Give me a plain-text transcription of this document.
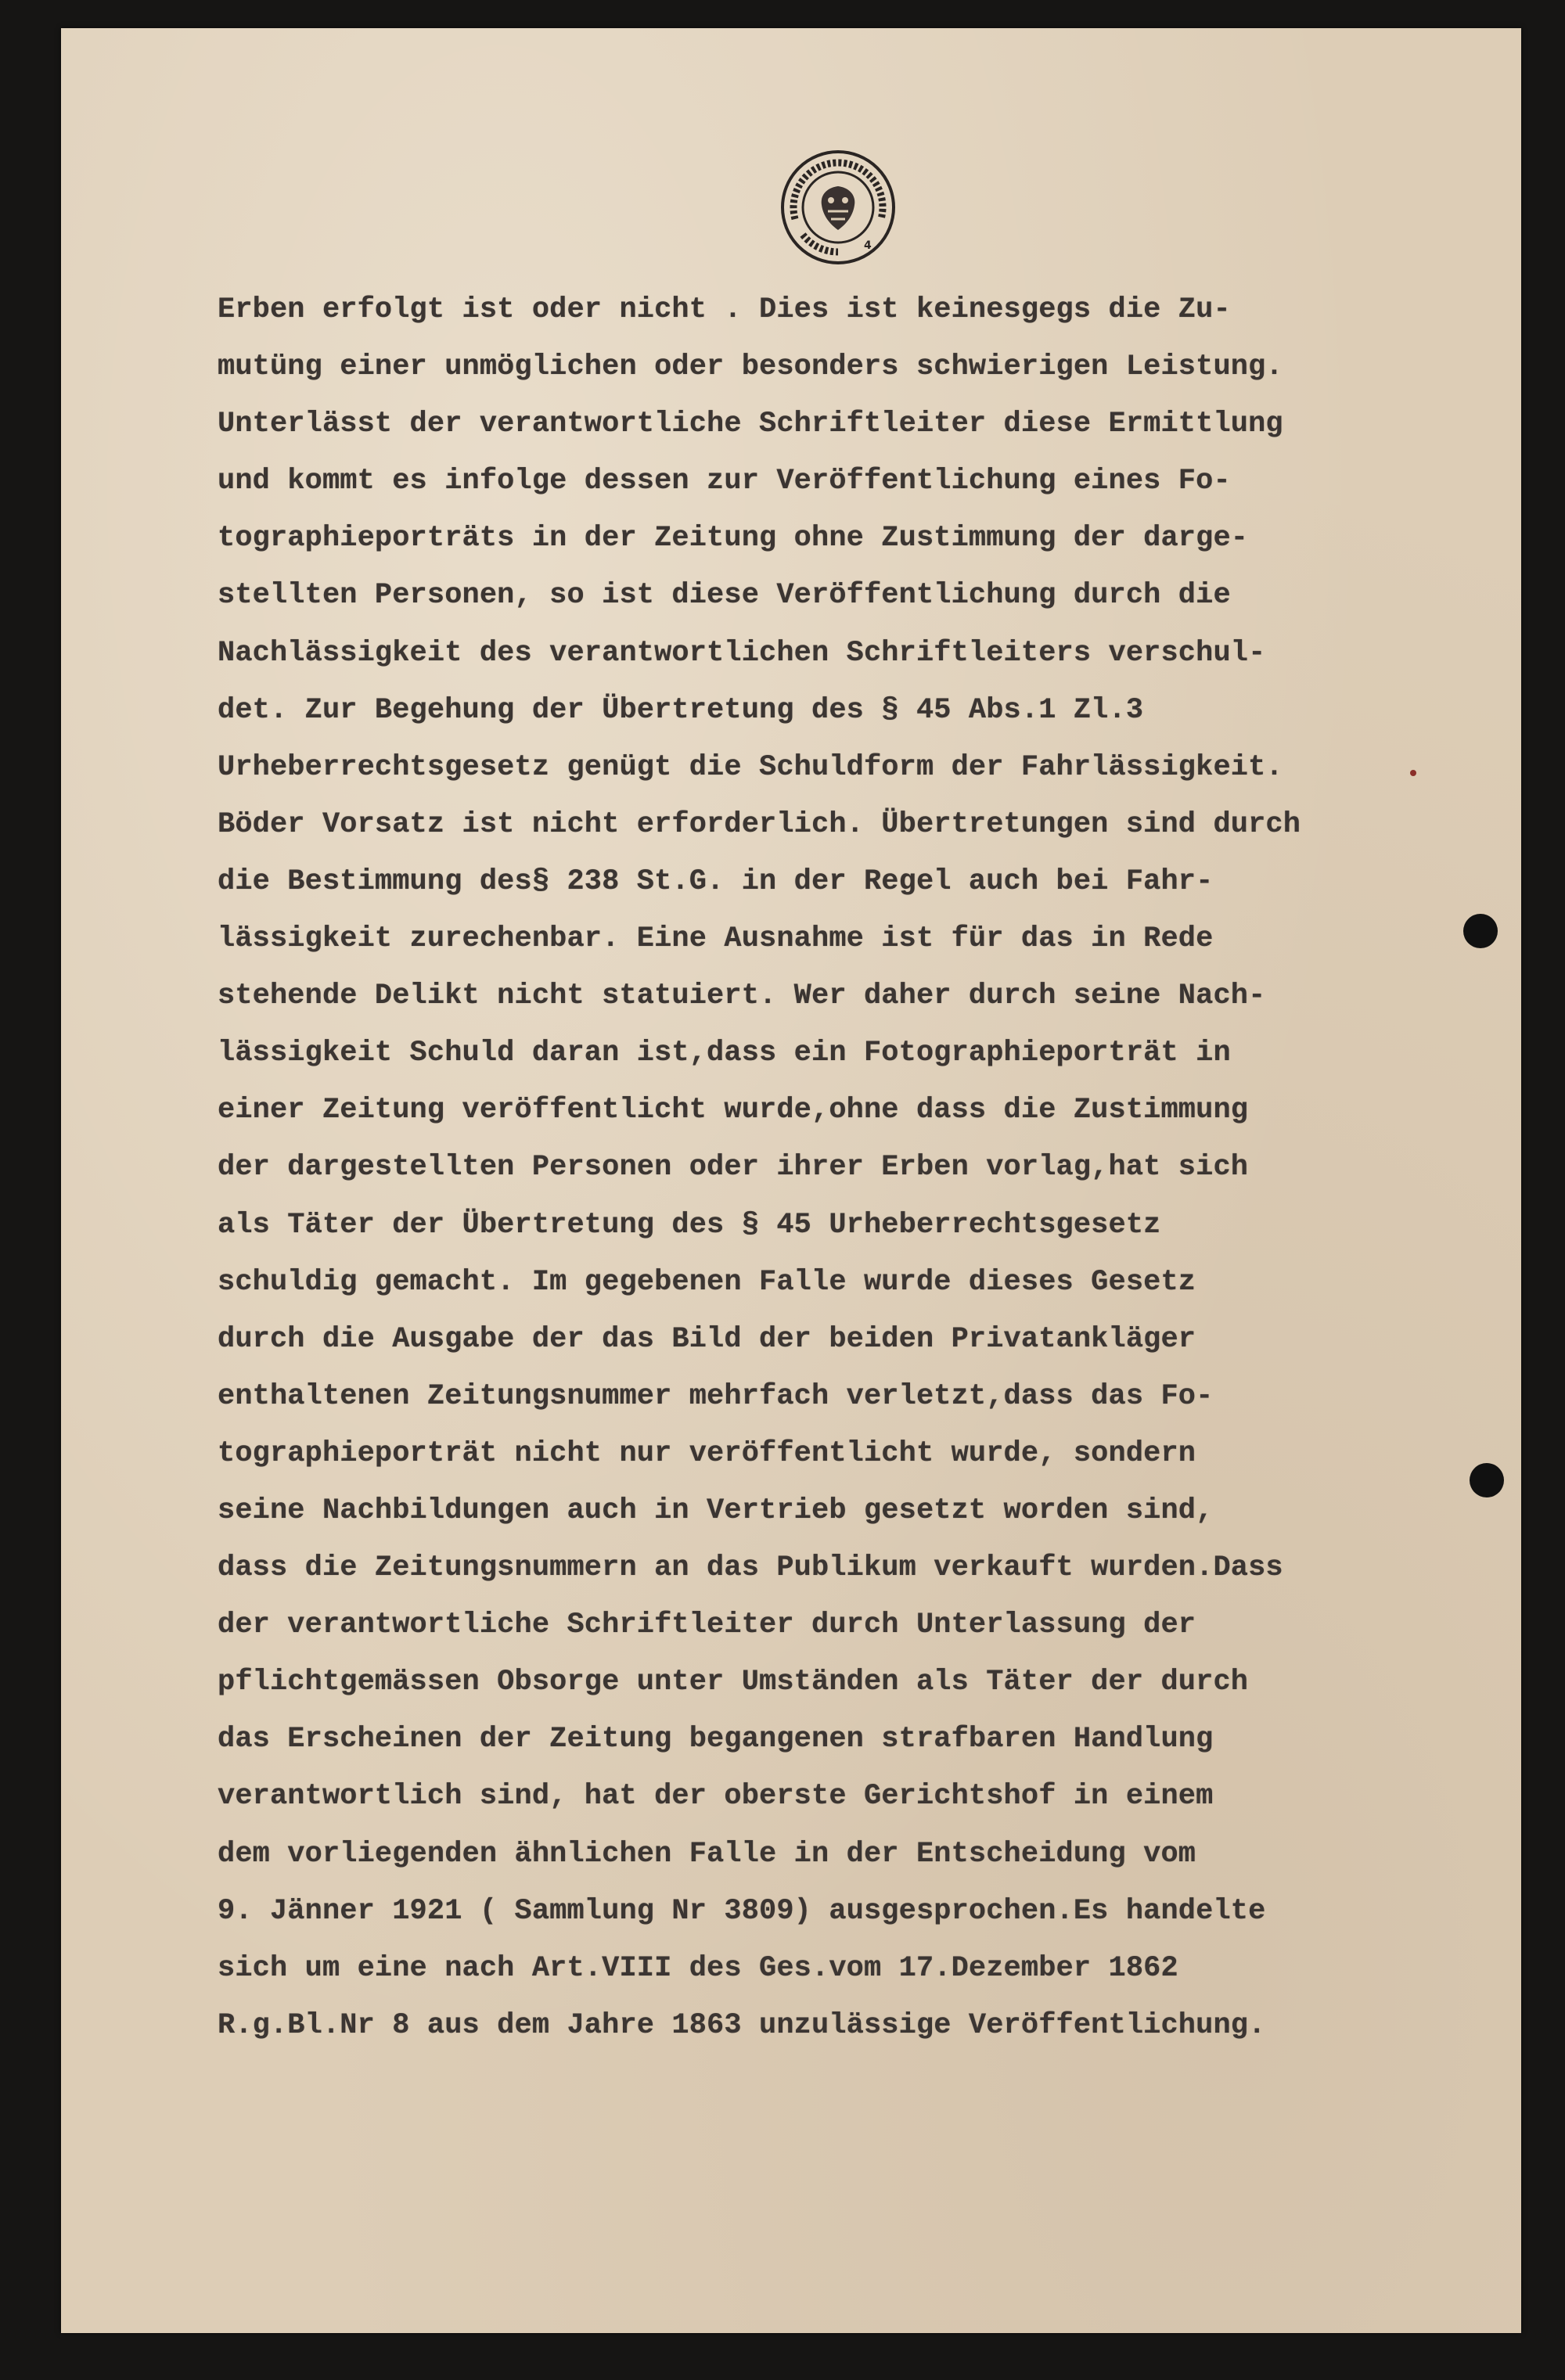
4
Erben erfolgt ist oder nicht . Dies ist keinesgegs die Zu-
mutüng einer unmöglichen oder besonders schwierigen Leistung.
Unterlässt der verantwortliche Schriftleiter diese Ermittlung
und kommt es infolge dessen zur Veröffentlichung eines Fo-
tographieporträts in der Zeitung ohne Zustimmung der darge-
stellten Personen, so ist diese Veröffentlichung durch die
Nachlässigkeit des verantwortlichen Schriftleiters verschul-
det. Zur Begehung der Übertretung des § 45 Abs.1 Zl.3
Urheberrechtsgesetz genügt die Schuldform der Fahrlässigkeit.
Böder Vorsatz ist nicht erforderlich. Übertretungen sind durch
die Bestimmung des§ 238 St.G. in der Regel auch bei Fahr-
lässigkeit zurechenbar. Eine Ausnahme ist für das in Rede
stehende Delikt nicht statuiert. Wer daher durch seine Nach-
lässigkeit Schuld daran ist,dass ein Fotographieporträt in
einer Zeitung veröffentlicht wurde,ohne dass die Zustimmung
der dargestellten Personen oder ihrer Erben vorlag,hat sich
als Täter der Übertretung des § 45 Urheberrechtsgesetz
schuldig gemacht. Im gegebenen Falle wurde dieses Gesetz
durch die Ausgabe der das Bild der beiden Privatankläger
enthaltenen Zeitungsnummer mehrfach verletzt,dass das Fo-
tographieporträt nicht nur veröffentlicht wurde, sondern
seine Nachbildungen auch in Vertrieb gesetzt worden sind,
dass die Zeitungsnummern an das Publikum verkauft wurden.Dass
der verantwortliche Schriftleiter durch Unterlassung der
pflichtgemässen Obsorge unter Umständen als Täter der durch
das Erscheinen der Zeitung begangenen strafbaren Handlung
verantwortlich sind, hat der oberste Gerichtshof in einem
dem vorliegenden ähnlichen Falle in der Entscheidung vom
9. Jänner 1921 ( Sammlung Nr 3809) ausgesprochen.Es handelte
sich um eine nach Art.VIII des Ges.vom 17.Dezember 1862
R.g.Bl.Nr 8 aus dem Jahre 1863 unzulässige Veröffentlichung.
